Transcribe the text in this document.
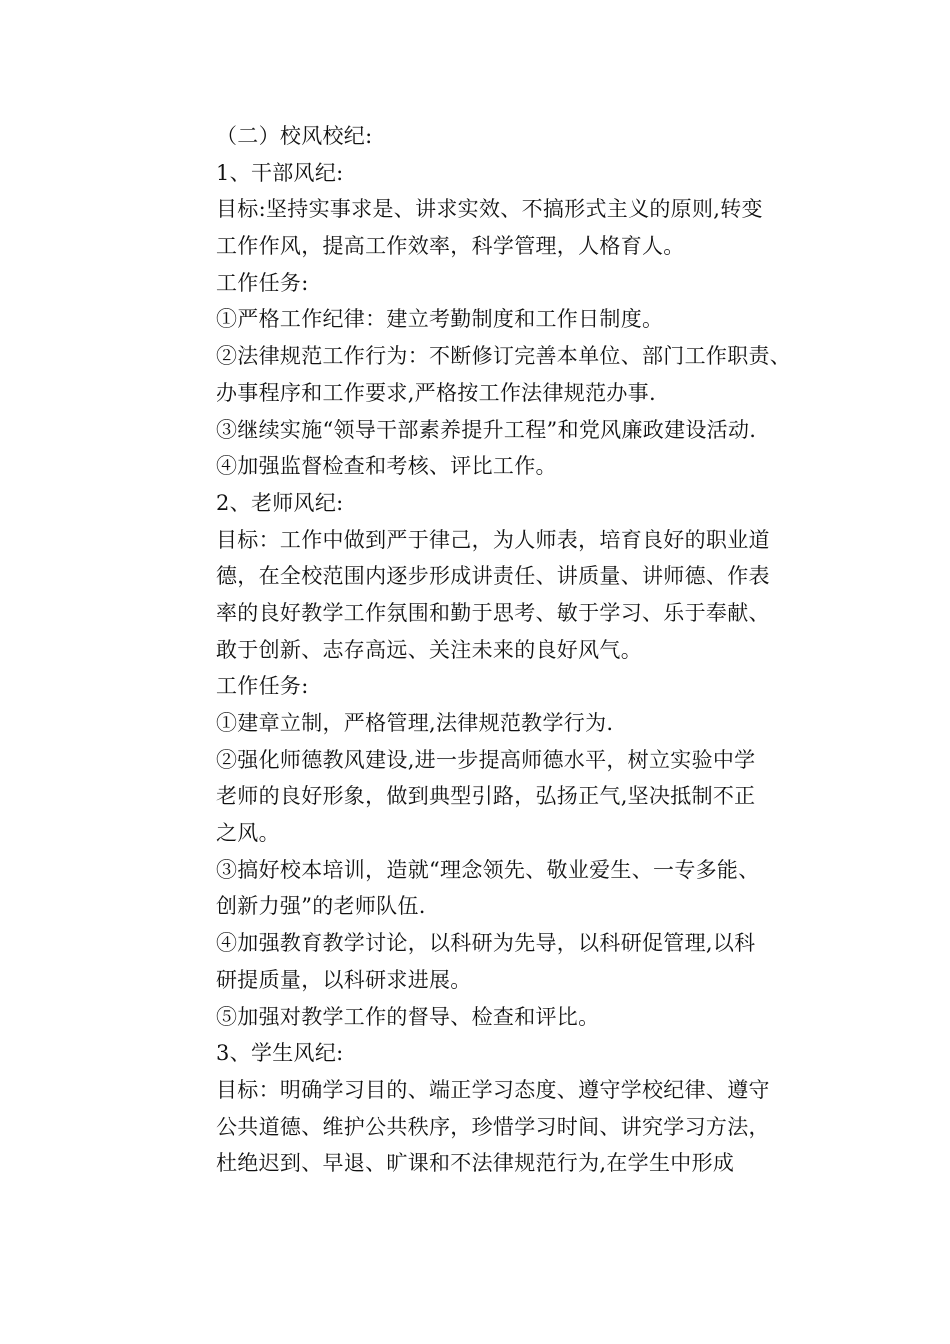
（二）校风校纪:
1、干部风纪:
目标:坚持实事求是、讲求实效、不搞形式主义的原则,转变
工作作风，提高工作效率，科学管理，人格育人。
工作任务:
①严格工作纪律：建立考勤制度和工作日制度。
②法律规范工作行为：不断修订完善本单位、部门工作职责、
办事程序和工作要求,严格按工作法律规范办事.
③继续实施“领导干部素养提升工程”和党风廉政建设活动.
④加强监督检查和考核、评比工作。
2、老师风纪:
目标：工作中做到严于律己，为人师表，培育良好的职业道
德，在全校范围内逐步形成讲责任、讲质量、讲师德、作表
率的良好教学工作氛围和勤于思考、敏于学习、乐于奉献、
敢于创新、志存高远、关注未来的良好风气。
工作任务:
①建章立制，严格管理,法律规范教学行为.
②强化师德教风建设,进一步提高师德水平，树立实验中学
老师的良好形象，做到典型引路，弘扬正气,坚决抵制不正
之风。
③搞好校本培训，造就“理念领先、敬业爱生、一专多能、
创新力强”的老师队伍.
④加强教育教学讨论，以科研为先导，以科研促管理,以科
研提质量，以科研求进展。
⑤加强对教学工作的督导、检查和评比。
3、学生风纪:
目标：明确学习目的、端正学习态度、遵守学校纪律、遵守
公共道德、维护公共秩序，珍惜学习时间、讲究学习方法，
杜绝迟到、早退、旷课和不法律规范行为,在学生中形成
